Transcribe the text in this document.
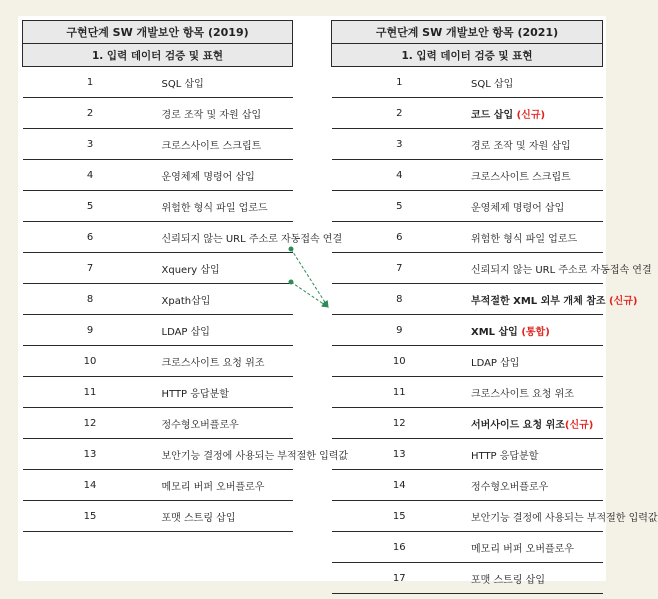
구현단계 SW 개발보안 항목 (2019)	
1. 입력 데이터 검증 및 표현	
1	SQL 삽입
2	경로 조작 및 자원 삽입
3	크로스사이트 스크립트
4	운영체제 명령어 삽입
5	위험한 형식 파일 업로드
6	신뢰되지 않는 URL 주소로 자동접속 연결
7	Xquery 삽입
8	Xpath삽입
9	LDAP 삽입
10	크로스사이트 요청 위조
11	HTTP 응답분할
12	정수형오버플로우
13	보안기능 결정에 사용되는 부적절한 입력값
14	메모리 버퍼 오버플로우
15	포맷 스트링 삽입
구현단계 SW 개발보안 항목 (2021)	
1. 입력 데이터 검증 및 표현	
1	SQL 삽입
2	코드 삽입 (신규)
3	경로 조작 및 자원 삽입
4	크로스사이트 스크립트
5	운영체제 명령어 삽입
6	위험한 형식 파일 업로드
7	신뢰되지 않는 URL 주소로 자동접속 연결
8	부적절한 XML 외부 개체 참조 (신규)
9	XML 삽입 (통합)
10	LDAP 삽입
11	크로스사이트 요청 위조
12	서버사이드 요청 위조(신규)
13	HTTP 응답분할
14	정수형오버플로우
15	보안기능 결정에 사용되는 부적절한 입력값
16	메모리 버퍼 오버플로우
17	포맷 스트링 삽입
